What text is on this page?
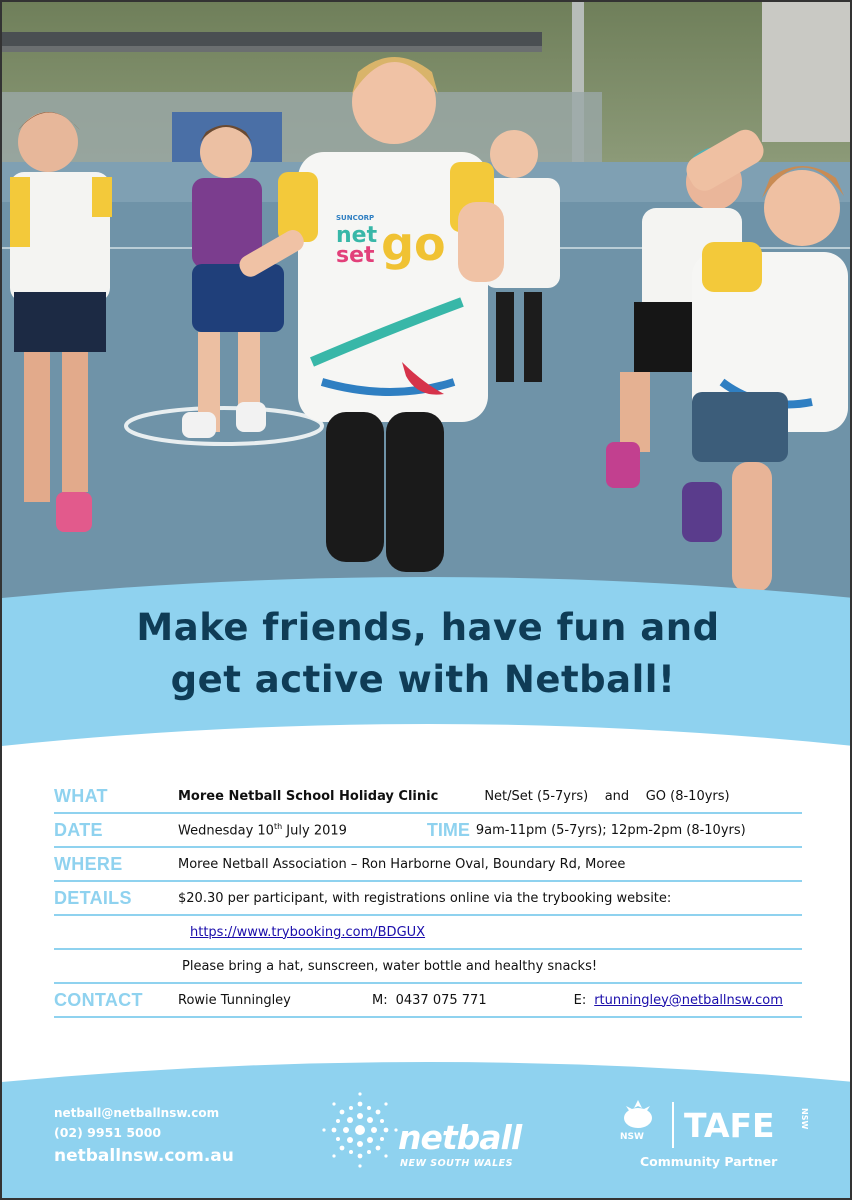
SUNCORP
net
set go
Make friends, have fun and
get active with Netball!
WHAT	Moree Netball School Holiday Clinic	Net/Set (5-7yrs)    and    GO (8-10yrs)
DATE	Wednesday 10th July 2019	TIME 9am-11pm (5-7yrs); 12pm-2pm (8-10yrs)
WHERE	Moree Netball Association – Ron Harborne Oval, Boundary Rd, Moree
DETAILS	$20.30 per participant, with registrations online via the trybooking website:
https://www.trybooking.com/BDGUX
Please bring a hat, sunscreen, water bottle and healthy snacks!
CONTACT	Rowie Tunningley	M: 0437 075 771	E: rtunningley@netballnsw.com
netball@netballnsw.com
(02) 9951 5000
netballnsw.com.au	netball
NEW SOUTH WALES
NSW TAFE	NSW
Community Partner
